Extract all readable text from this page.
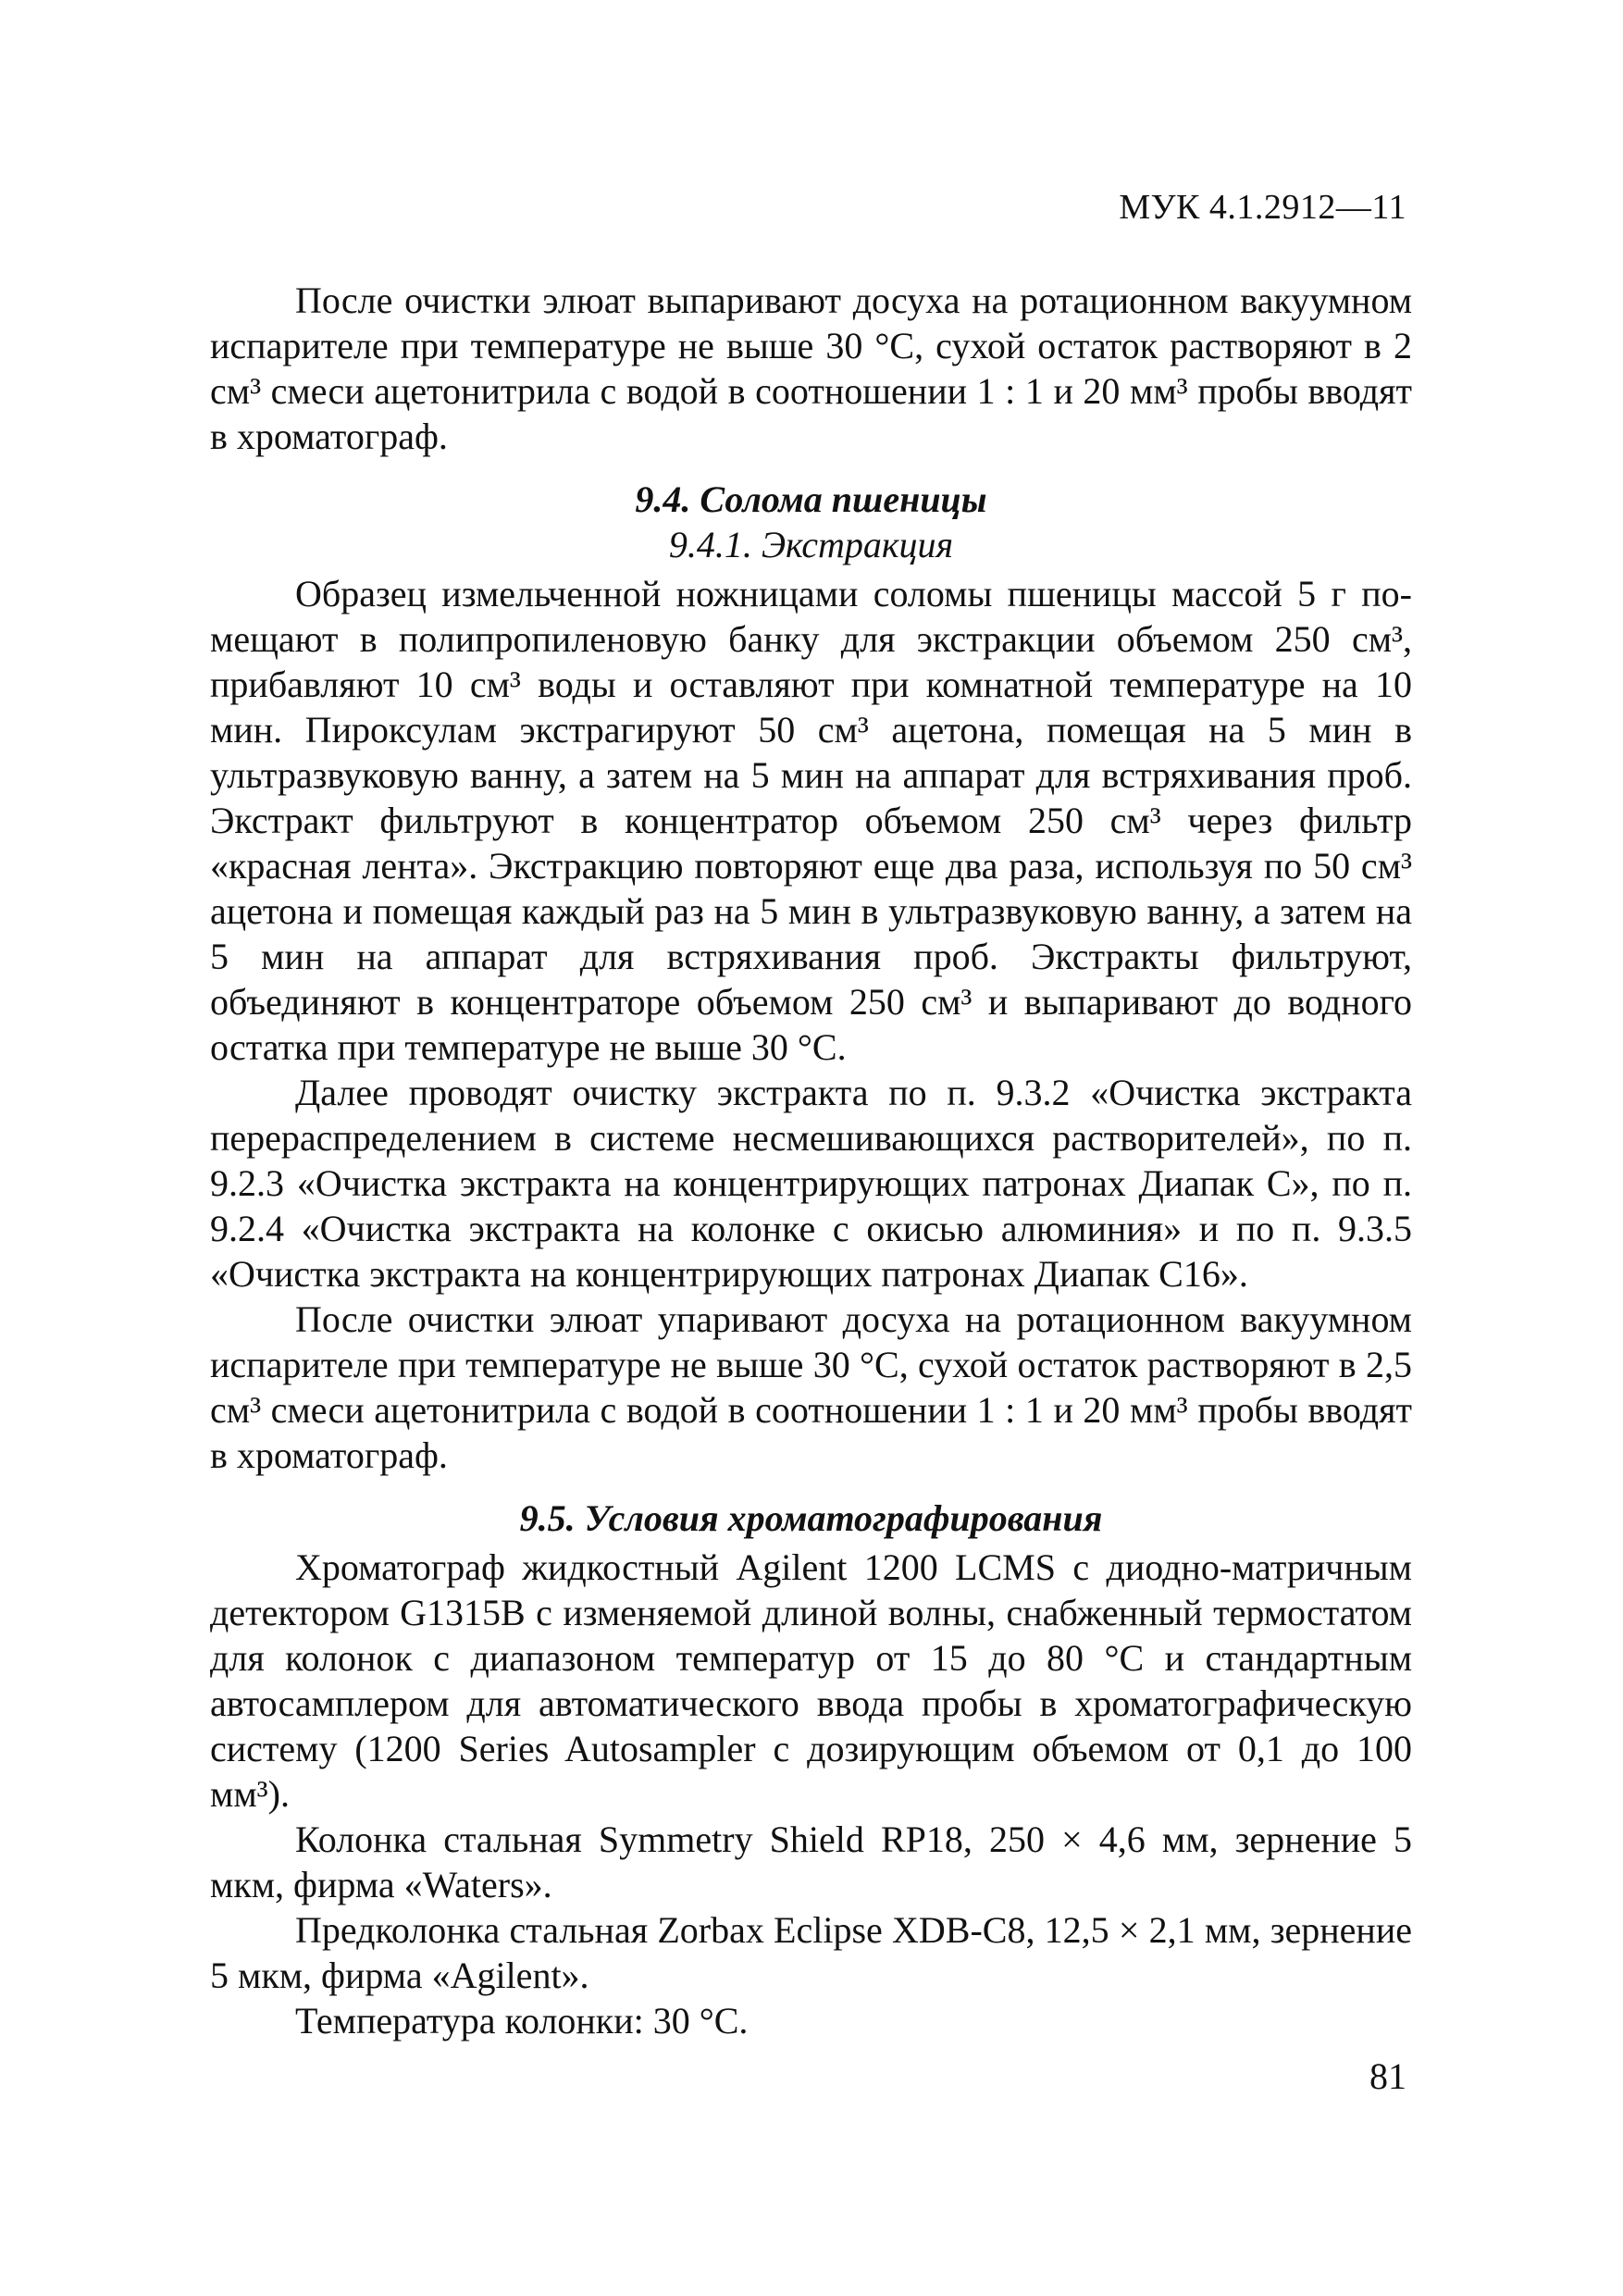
МУК 4.1.2912—11

После очистки элюат выпаривают досуха на ротационном вакуумном испарителе при температуре не выше 30 °С, сухой остаток растворяют в 2 см³ смеси ацетонитрила с водой в соотношении 1 : 1 и 20 мм³ пробы вводят в хроматограф.

9.4. Солома пшеницы
9.4.1. Экстракция

Образец измельченной ножницами соломы пшеницы массой 5 г помещают в полипропиленовую банку для экстракции объемом 250 см³, прибавляют 10 см³ воды и оставляют при комнатной температуре на 10 мин. Пироксулам экстрагируют 50 см³ ацетона, помещая на 5 мин в ультразвуковую ванну, а затем на 5 мин на аппарат для встряхивания проб. Экстракт фильтруют в концентратор объемом 250 см³ через фильтр «красная лента». Экстракцию повторяют еще два раза, используя по 50 см³ ацетона и помещая каждый раз на 5 мин в ультразвуковую ванну, а затем на 5 мин на аппарат для встряхивания проб. Экстракты фильтруют, объединяют в концентраторе объемом 250 см³ и выпаривают до водного остатка при температуре не выше 30 °С.

Далее проводят очистку экстракта по п. 9.3.2 «Очистка экстракта перераспределением в системе несмешивающихся растворителей», по п. 9.2.3 «Очистка экстракта на концентрирующих патронах Диапак С», по п. 9.2.4 «Очистка экстракта на колонке с окисью алюминия» и по п. 9.3.5 «Очистка экстракта на концентрирующих патронах Диапак С16».

После очистки элюат упаривают досуха на ротационном вакуумном испарителе при температуре не выше 30 °С, сухой остаток растворяют в 2,5 см³ смеси ацетонитрила с водой в соотношении 1 : 1 и 20 мм³ пробы вводят в хроматограф.

9.5. Условия хроматографирования

Хроматограф жидкостный Agilent 1200 LCMS с диодно-матричным детектором G1315B с изменяемой длиной волны, снабженный термостатом для колонок с диапазоном температур от 15 до 80 °С и стандартным автосамплером для автоматического ввода пробы в хроматографическую систему (1200 Series Autosampler с дозирующим объемом от 0,1 до 100 мм³).

Колонка стальная Symmetry Shield RP18, 250 × 4,6 мм, зернение 5 мкм, фирма «Waters».

Предколонка стальная Zorbax Eclipse XDB-C8, 12,5 × 2,1 мм, зернение 5 мкм, фирма «Agilent».

Температура колонки: 30 °С.

81
